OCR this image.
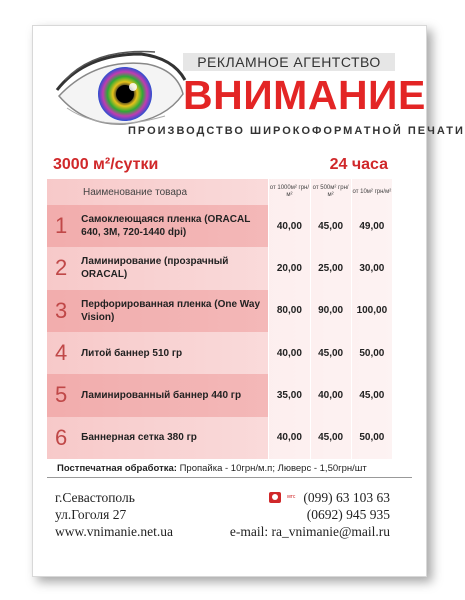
РЕКЛАМНОЕ АГЕНТСТВО
ВНИМАНИЕ
ПРОИЗВОДСТВО ШИРОКОФОРМАТНОЙ ПЕЧАТИ
3000 м²/сутки	24 часа
Наименование товара		от 1000м² грн/м²	от 500м² грн/м²	от 10м² грн/м²
1	Самоклеющаяся пленка (ORACAL 640, 3M, 720-1440 dpi)	40,00	45,00	49,00
2	Ламинирование (прозрачный ORACAL)	20,00	25,00	30,00
3	Перфорированная пленка (One Way Vision)	80,00	90,00	100,00
4	Литой баннер 510 гр	40,00	45,00	50,00
5	Ламинированный баннер 440 гр	35,00	40,00	45,00
6	Баннерная сетка 380 гр	40,00	45,00	50,00
Постпечатная обработка: Пропайка - 10грн/м.п; Люверс - 1,50грн/шт
г.Севастополь
ул.Гоголя 27
www.vnimanie.net.ua
мтс (099) 63 103 63
(0692) 945 935
e-mail: ra_vnimanie@mail.ru
